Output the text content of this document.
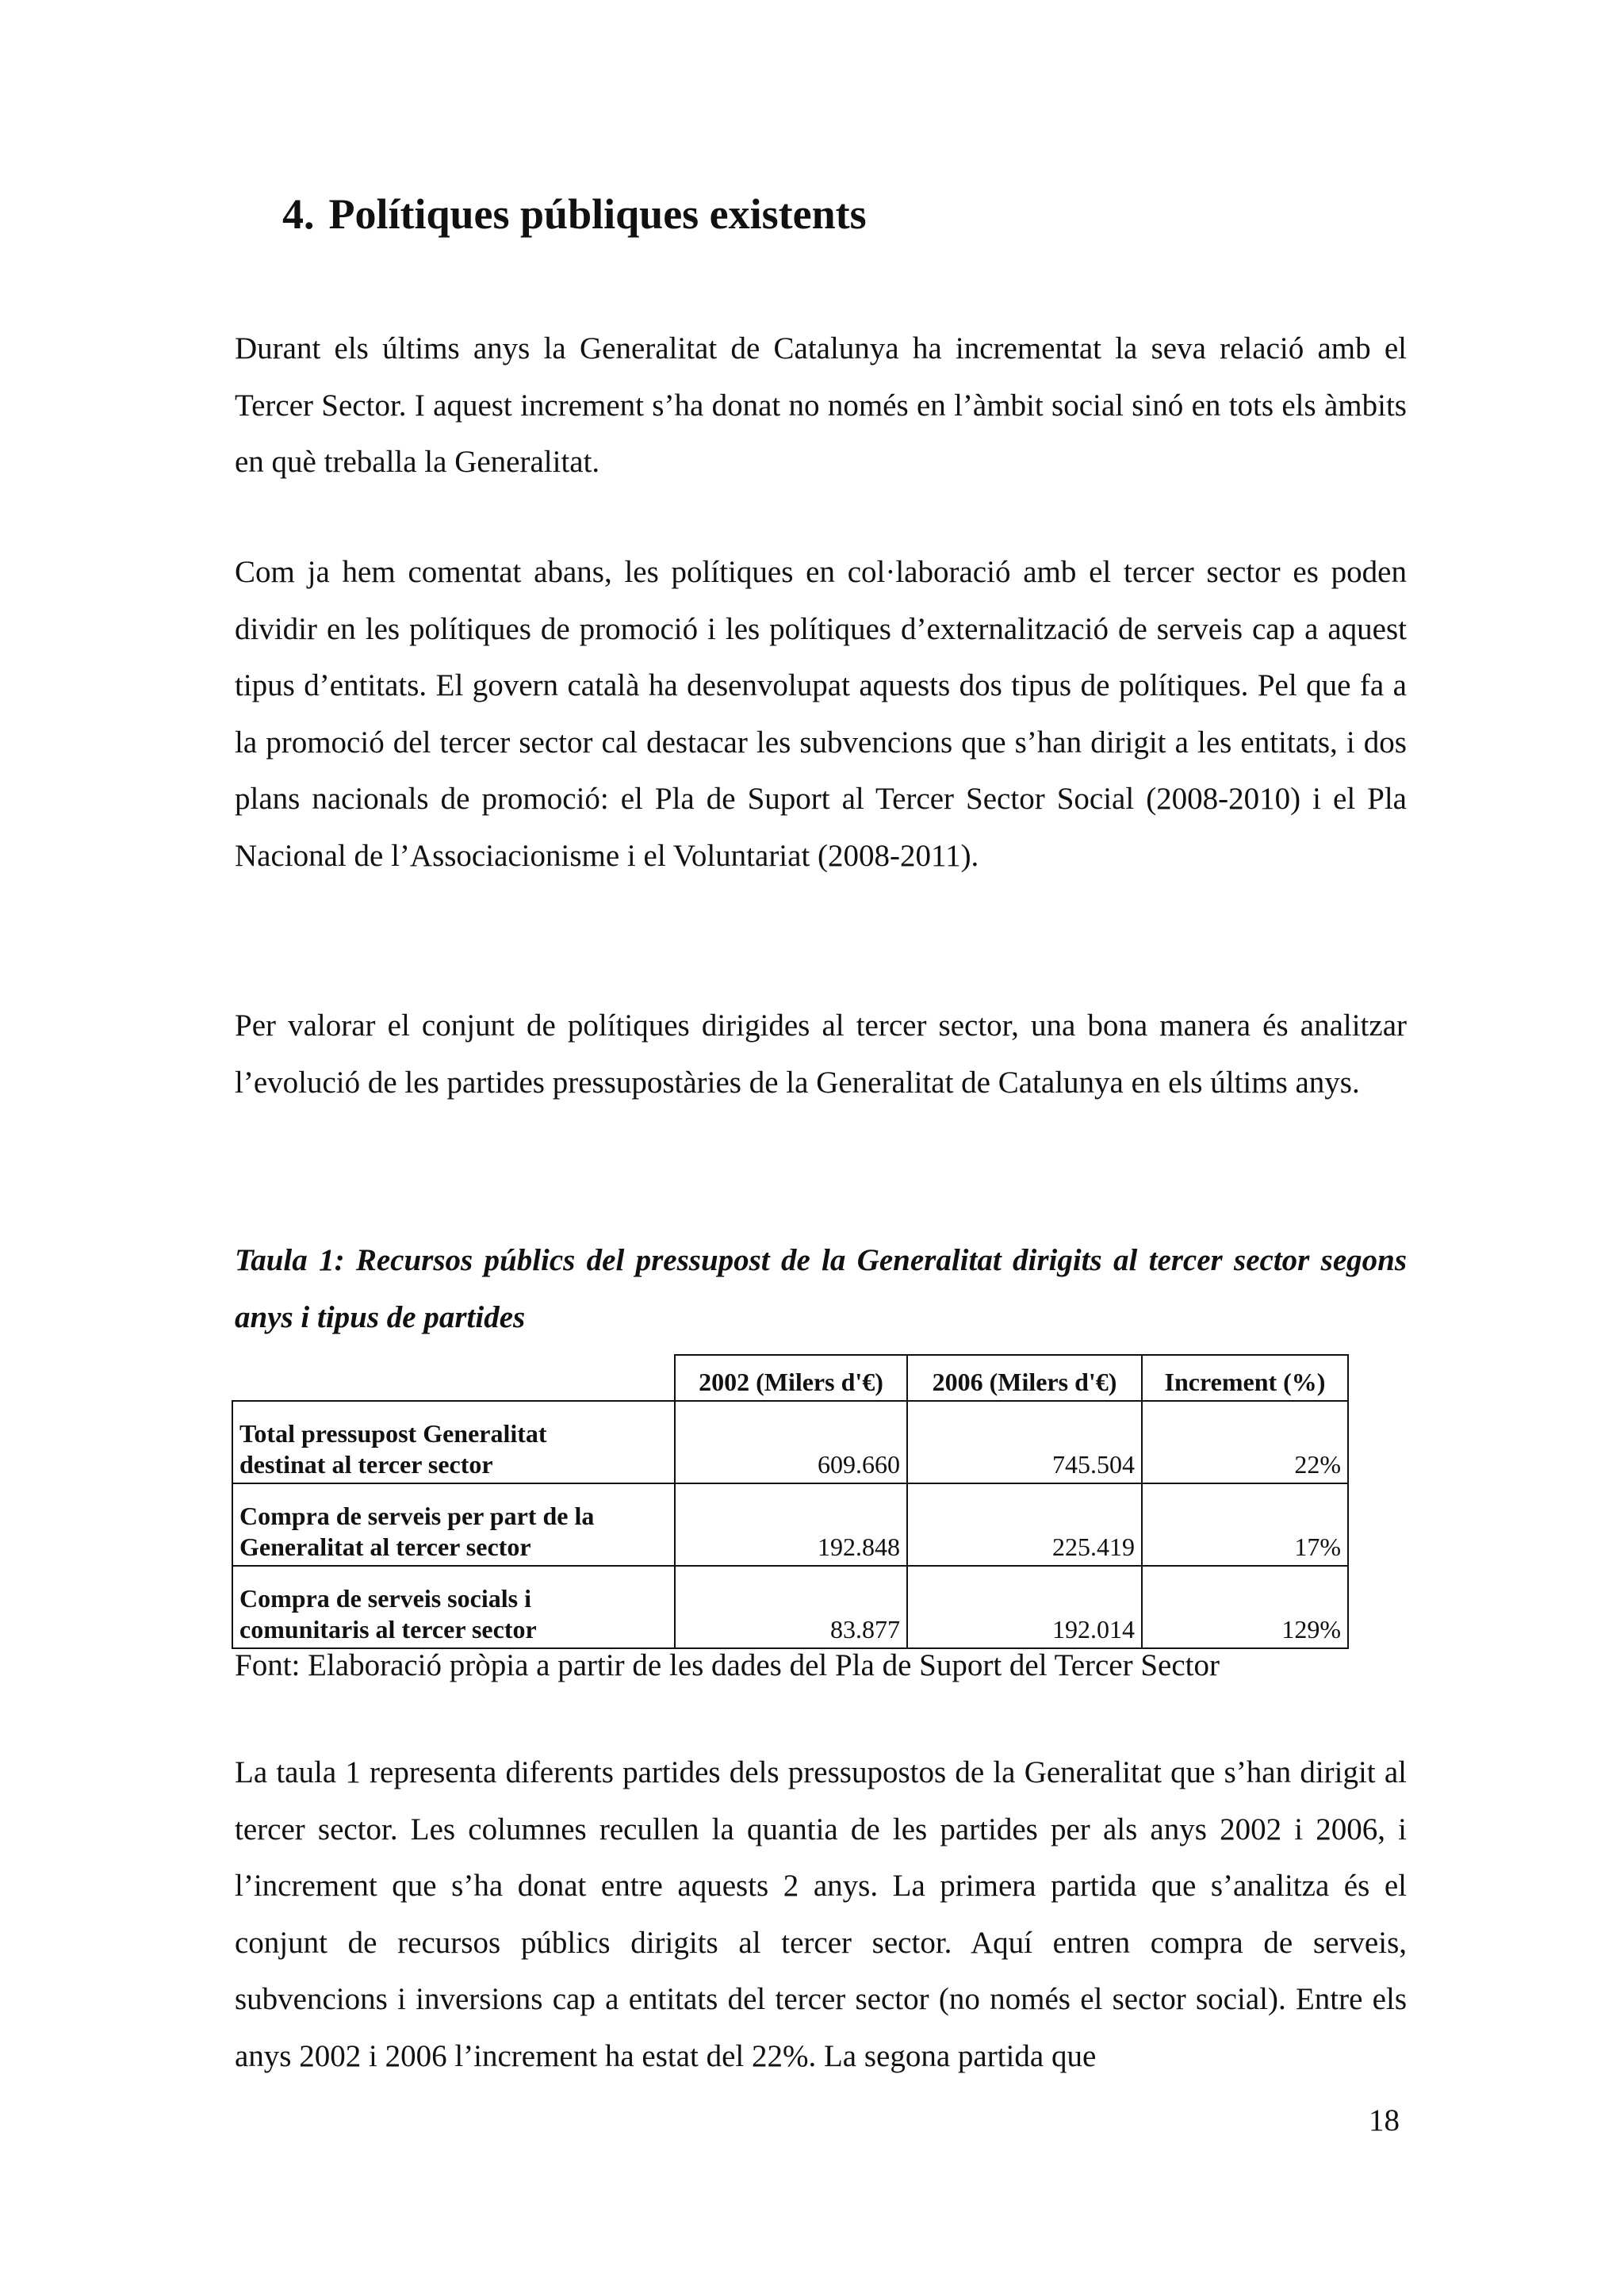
4. Polítiques públiques existents

Durant els últims anys la Generalitat de Catalunya ha incrementat la seva relació amb el Tercer Sector. I aquest increment s’ha donat no només en l’àmbit social sinó en tots els àmbits en què treballa la Generalitat.

Com ja hem comentat abans, les polítiques en col·laboració amb el tercer sector es poden dividir en les polítiques de promoció i les polítiques d’externalització de serveis cap a aquest tipus d’entitats. El govern català ha desenvolupat aquests dos tipus de polítiques. Pel que fa a la promoció del tercer sector cal destacar les subvencions que s’han dirigit a les entitats, i dos plans nacionals de promoció: el Pla de Suport al Tercer Sector Social (2008-2010) i el Pla Nacional de l’Associacionisme i el Voluntariat (2008-2011).

Per valorar el conjunt de polítiques dirigides al tercer sector, una bona manera és analitzar l’evolució de les partides pressupostàries de la Generalitat de Catalunya en els últims anys.

Taula 1: Recursos públics del pressupost de la Generalitat dirigits al tercer sector segons anys i tipus de partides

	2002 (Milers d'€)	2006 (Milers d'€)	Increment (%)
Total pressupost Generalitat
destinat al tercer sector	609.660	745.504	22%
Compra de serveis per part de la
Generalitat al tercer sector	192.848	225.419	17%
Compra de serveis socials i
comunitaris al tercer sector	83.877	192.014	129%

Font: Elaboració pròpia a partir de les dades del Pla de Suport del Tercer Sector

La taula 1 representa diferents partides dels pressupostos de la Generalitat que s’han dirigit al tercer sector. Les columnes recullen la quantia de les partides per als anys 2002 i 2006, i l’increment que s’ha donat entre aquests 2 anys. La primera partida que s’analitza és el conjunt de recursos públics dirigits al tercer sector. Aquí entren compra de serveis, subvencions i inversions cap a entitats del tercer sector (no només el sector social). Entre els anys 2002 i 2006 l’increment ha estat del 22%. La segona partida que

18
